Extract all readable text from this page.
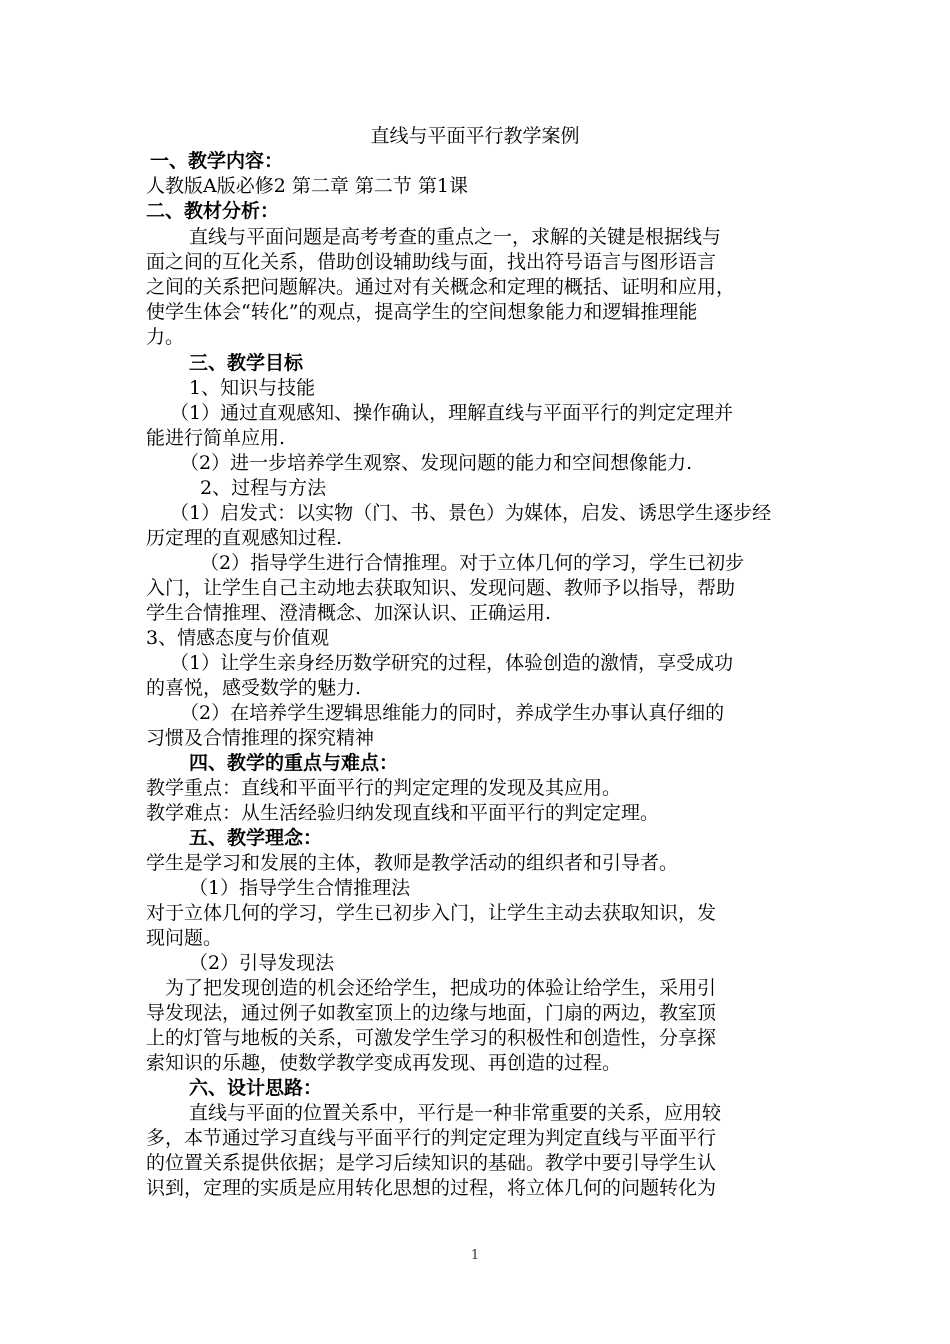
直线与平面平行教学案例
一、教学内容：
人教版A版必修2 第二章 第二节 第1课
二、教材分析：
直线与平面问题是高考考查的重点之一，求解的关键是根据线与
面之间的互化关系，借助创设辅助线与面，找出符号语言与图形语言
之间的关系把问题解决。通过对有关概念和定理的概括、证明和应用，
使学生体会“转化”的观点，提高学生的空间想象能力和逻辑推理能
力。
三、教学目标
1、知识与技能
（1）通过直观感知、操作确认，理解直线与平面平行的判定定理并
能进行简单应用.
（2）进一步培养学生观察、发现问题的能力和空间想像能力.
2、过程与方法
（1）启发式：以实物（门、书、景色）为媒体，启发、诱思学生逐步经
历定理的直观感知过程.
（2）指导学生进行合情推理。对于立体几何的学习，学生已初步
入门，让学生自己主动地去获取知识、发现问题、教师予以指导，帮助
学生合情推理、澄清概念、加深认识、正确运用.
3、情感态度与价值观
（1）让学生亲身经历数学研究的过程，体验创造的激情，享受成功
的喜悦，感受数学的魅力.
（2）在培养学生逻辑思维能力的同时，养成学生办事认真仔细的
习惯及合情推理的探究精神
四、教学的重点与难点：
教学重点：直线和平面平行的判定定理的发现及其应用。
教学难点：从生活经验归纳发现直线和平面平行的判定定理。
五、教学理念：
学生是学习和发展的主体，教师是教学活动的组织者和引导者。
（1）指导学生合情推理法
对于立体几何的学习，学生已初步入门，让学生主动去获取知识，发
现问题。
（2）引导发现法
为了把发现创造的机会还给学生，把成功的体验让给学生，采用引
导发现法，通过例子如教室顶上的边缘与地面，门扇的两边，教室顶
上的灯管与地板的关系，可激发学生学习的积极性和创造性，分享探
索知识的乐趣，使数学教学变成再发现、再创造的过程。
六、设计思路：
直线与平面的位置关系中，平行是一种非常重要的关系，应用较
多，本节通过学习直线与平面平行的判定定理为判定直线与平面平行
的位置关系提供依据；是学习后续知识的基础。教学中要引导学生认
识到，定理的实质是应用转化思想的过程，将立体几何的问题转化为
1
